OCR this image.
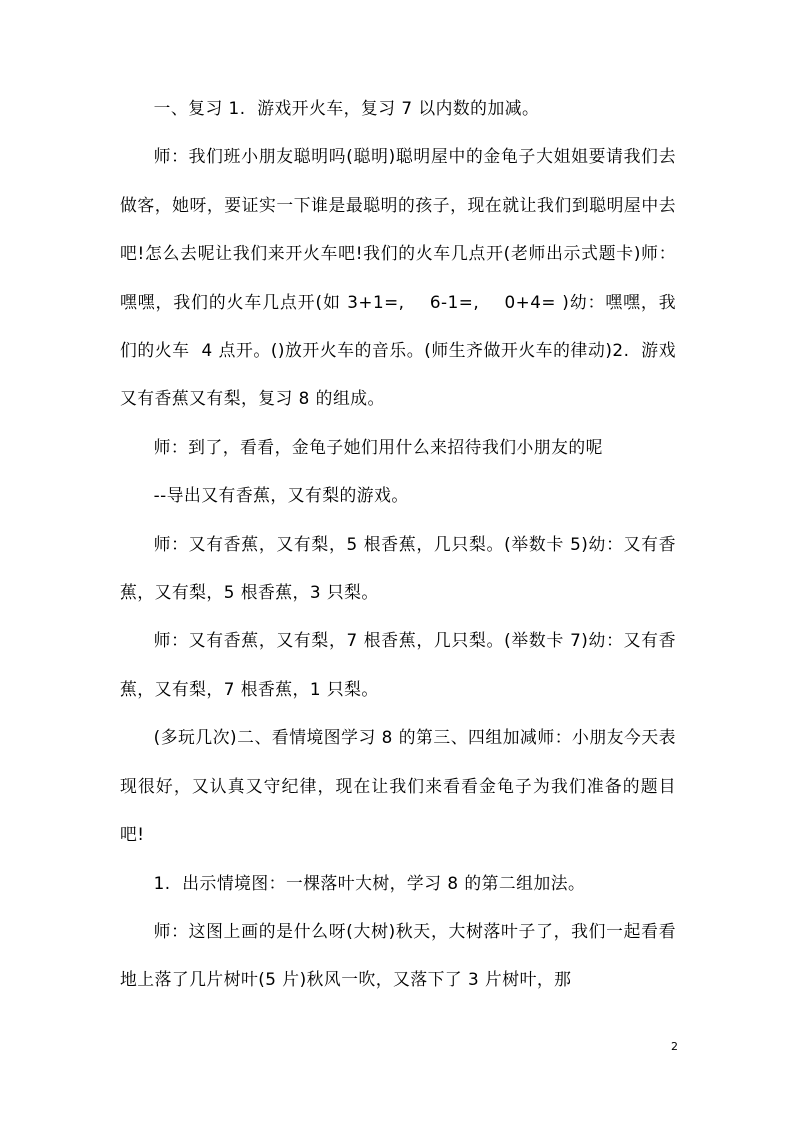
一、复习 1.  游戏开火车，复习 7 以内数的加减。

师：我们班小朋友聪明吗(聪明)聪明屋中的金龟子大姐姐要请我们去做客，她呀，要证实一下谁是最聪明的孩子，现在就让我们到聪明屋中去吧!怎么去呢让我们来开火车吧!我们的火车几点开(老师出示式题卡)师：嘿嘿，我们的火车几点开(如 3+1=,    6-1=,    0+4= )幼：嘿嘿，我们的火车  4 点开。()放开火车的音乐。(师生齐做开火车的律动)2.  游戏又有香蕉又有梨，复习 8 的组成。

师：到了，看看，金龟子她们用什么来招待我们小朋友的呢

--导出又有香蕉，又有梨的游戏。

师：又有香蕉，又有梨，5 根香蕉，几只梨。(举数卡 5)幼：又有香蕉，又有梨，5 根香蕉，3 只梨。

师：又有香蕉，又有梨，7 根香蕉，几只梨。(举数卡 7)幼：又有香蕉，又有梨，7 根香蕉，1 只梨。

(多玩几次)二、看情境图学习 8 的第三、四组加减师：小朋友今天表现很好，又认真又守纪律，现在让我们来看看金龟子为我们准备的题目吧!

1.  出示情境图：一棵落叶大树，学习 8 的第二组加法。

师：这图上画的是什么呀(大树)秋天，大树落叶子了，我们一起看看地上落了几片树叶(5 片)秋风一吹，又落下了 3 片树叶，那

2
